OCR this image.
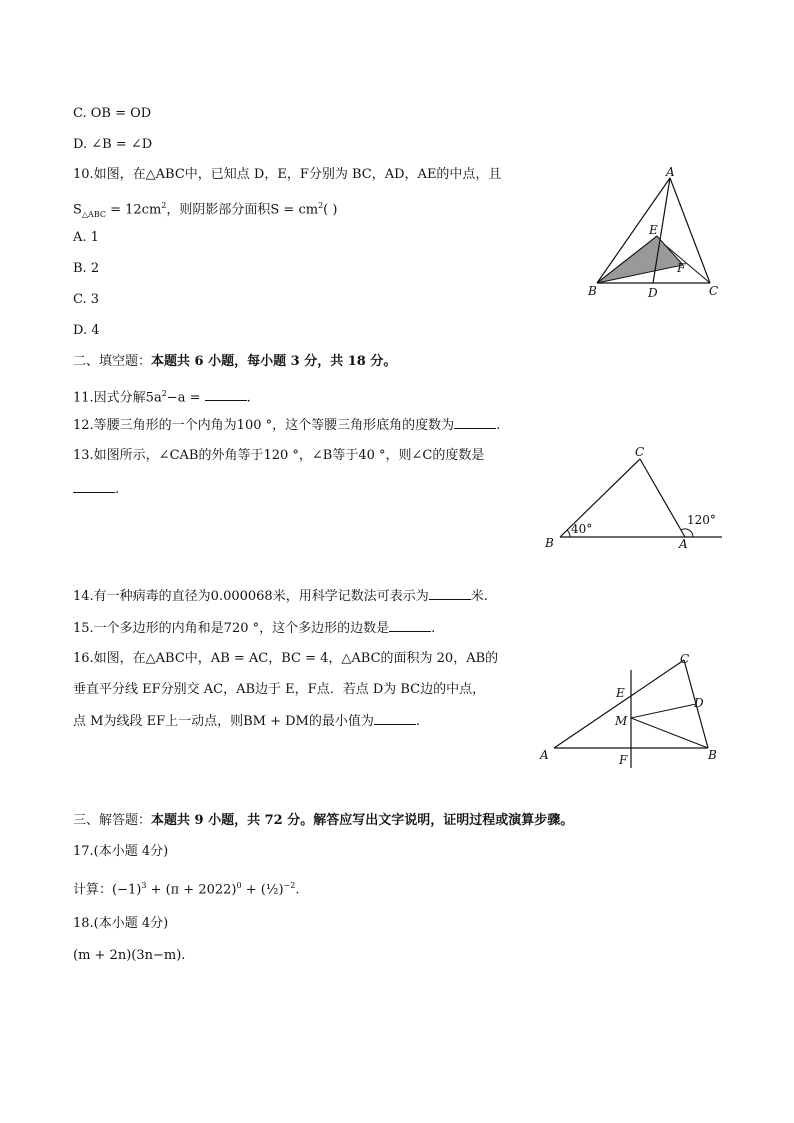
C. OB = OD
D. ∠B = ∠D
10.如图，在△ABC中，已知点 D，E，F分别为 BC，AD，AE的中点，且
$S_{\triangle ABC} = 12cm^2$，则阴影部分面积$S = cm^2$( )
A. 1
B. 2
C. 3
D. 4
A
B	C
D
E
F
二、填空题：本题共 6 小题，每小题 3 分，共 18 分。
11.因式分解$5a^2-a$ =	.
12.等腰三角形的一个内角为100 °，这个等腰三角形底角的度数为	.
13.如图所示，∠CAB的外角等于120 °，∠B等于40 °，则∠C的度数是
.
C
B	A
40°
120°
14.有一种病毒的直径为0.000068米，用科学记数法可表示为	米.
15.一个多边形的内角和是720 °，这个多边形的边数是	.
16.如图，在△ABC中，AB = AC，BC = 4，△ABC的面积为 20，AB的
垂直平分线 EF分别交 AC，AB边于 E，F点．若点 D为 BC边的中点，
点 M为线段 EF上一动点，则BM + DM的最小值为	.
C
E
D
M
A	F	B
三、解答题：本题共 9 小题，共 72 分。解答应写出文字说明，证明过程或演算步骤。
17.(本小题 4分)
计算：$(-1)^3 + (\pi + 2022)^0$ + (½)$^{-2}$.
18.(本小题 4分)
(m + 2n)(3n−m).
